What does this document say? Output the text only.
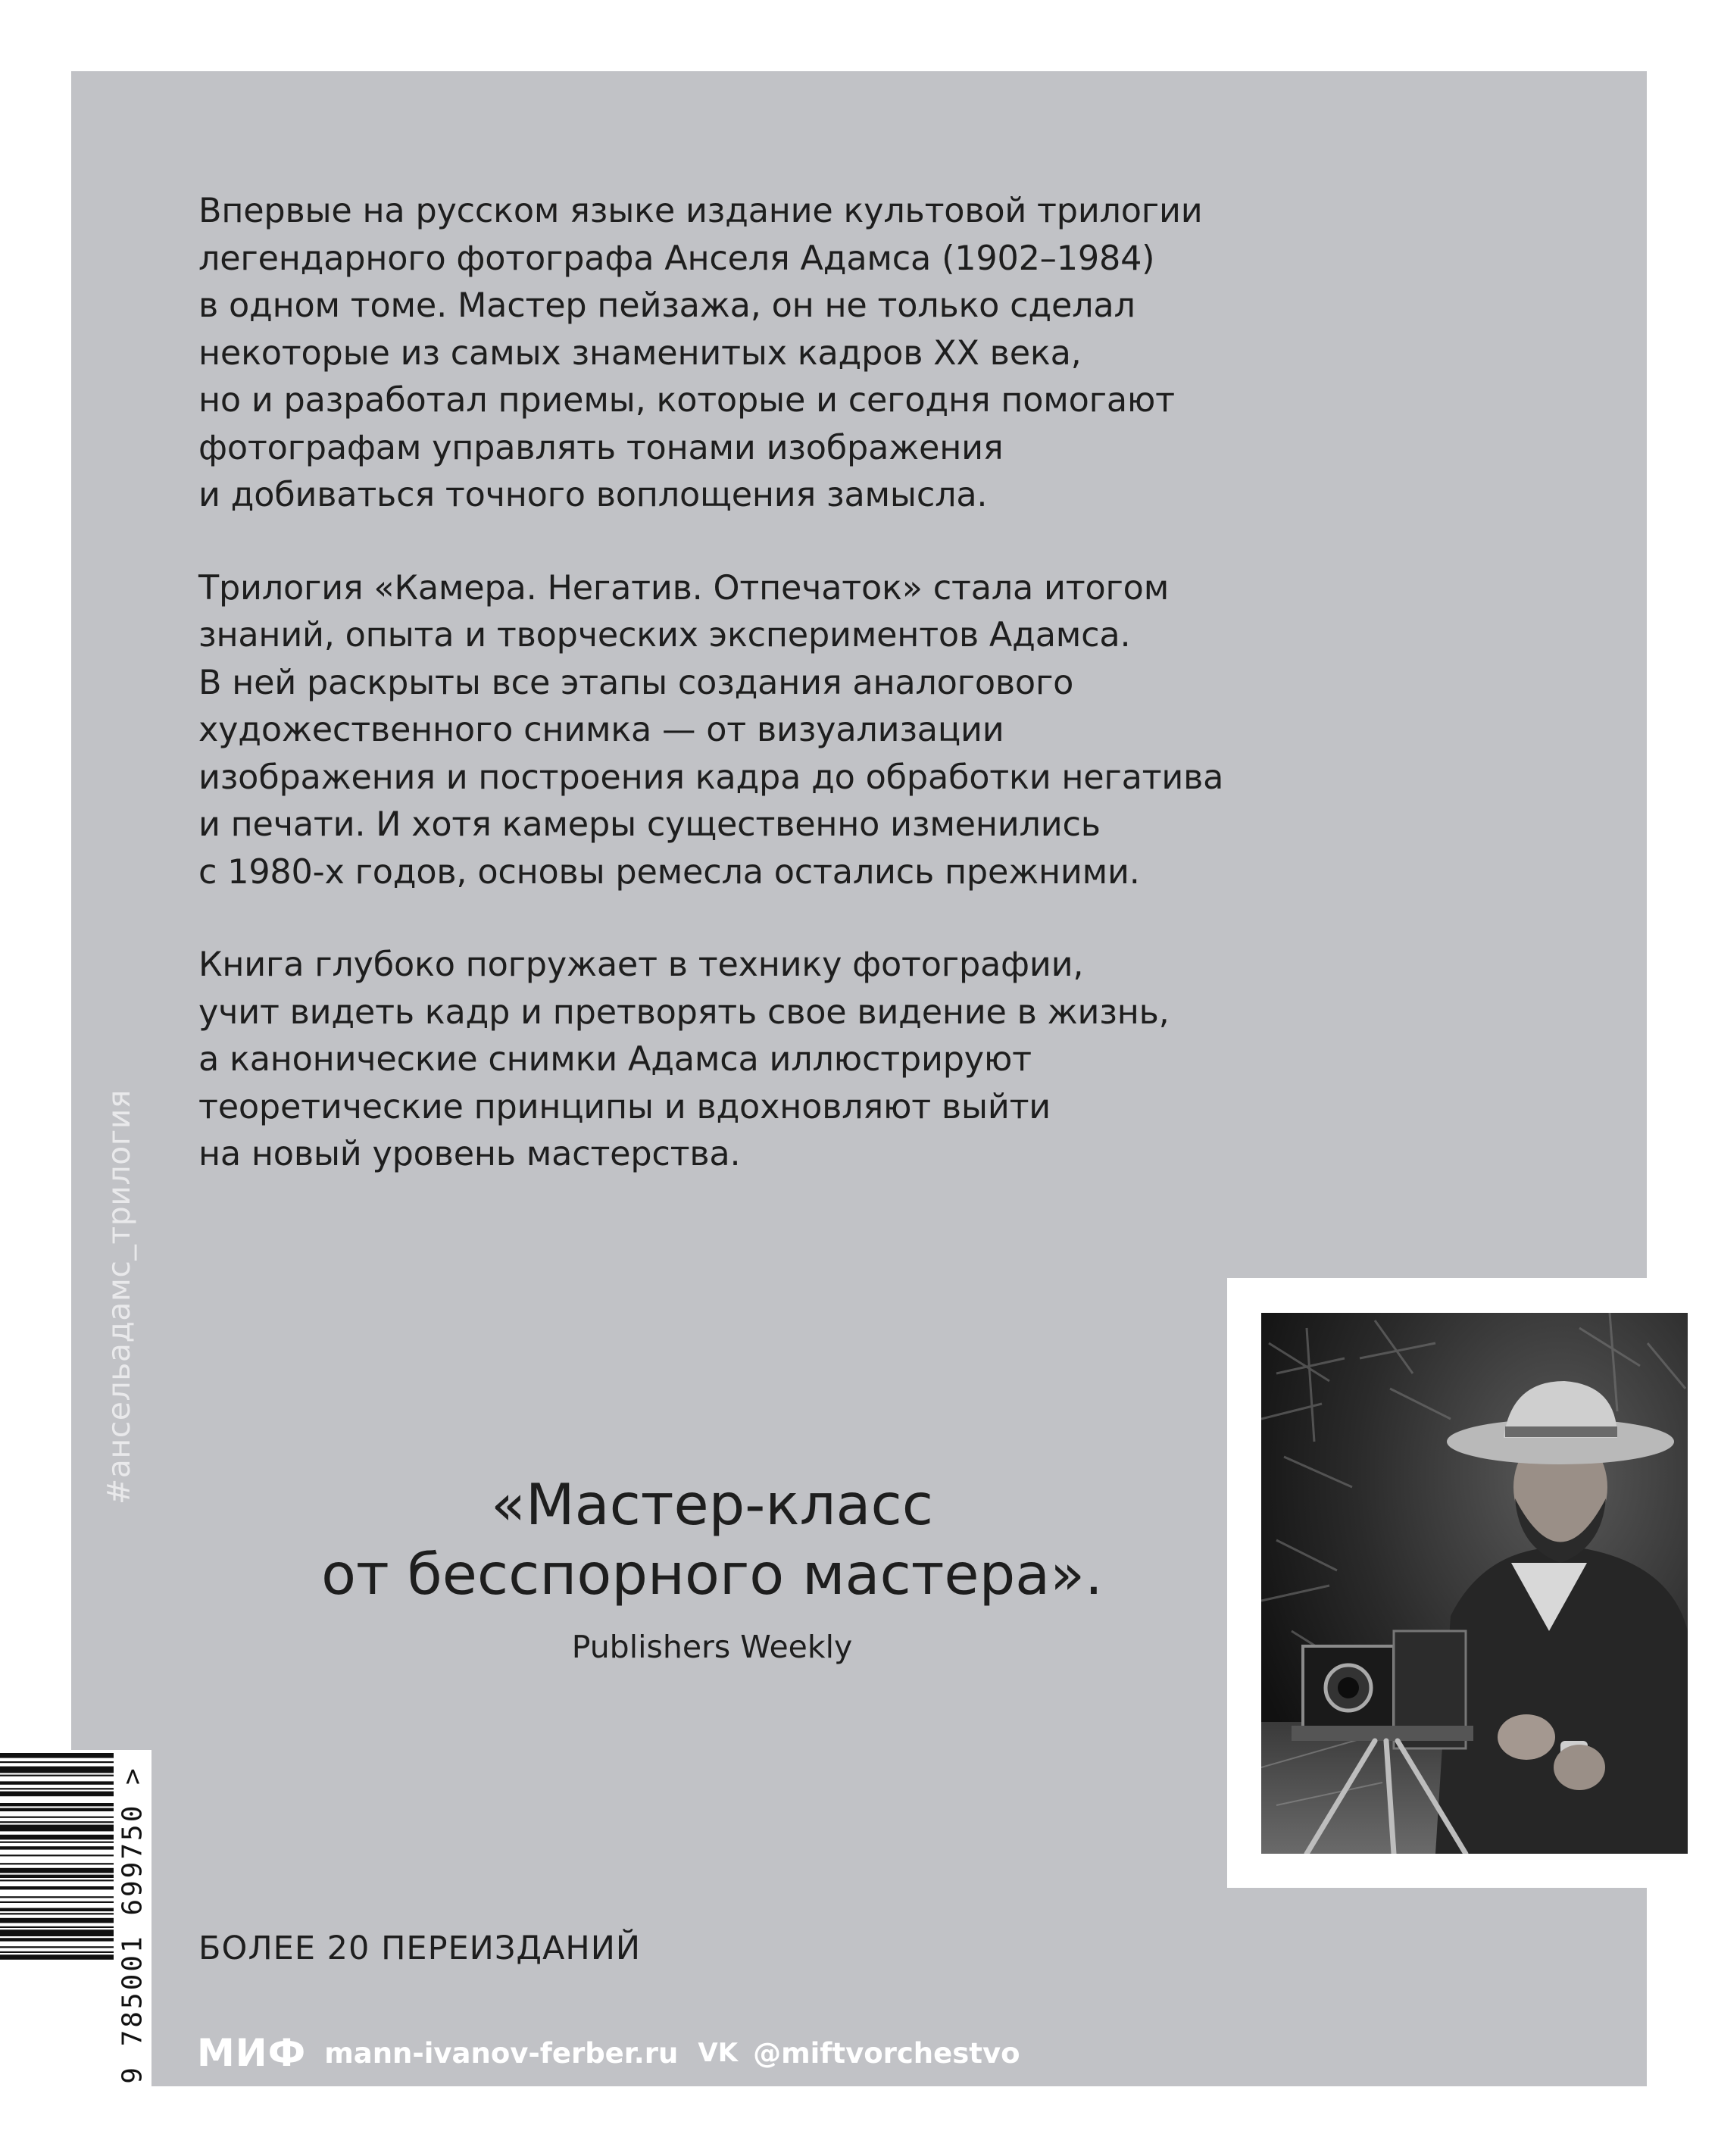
Впервые на русском языке издание культовой трилогии
легендарного фотографа Анселя Адамса (1902–1984)
в одном томе. Мастер пейзажа, он не только сделал
некоторые из самых знаменитых кадров XX века,
но и разработал приемы, которые и сегодня помогают
фотографам управлять тонами изображения
и добиваться точного воплощения замысла.

Трилогия «Камера. Негатив. Отпечаток» стала итогом
знаний, опыта и творческих экспериментов Адамса.
В ней раскрыты все этапы создания аналогового
художественного снимка — от визуализации
изображения и построения кадра до обработки негатива
и печати. И хотя камеры существенно изменились
с 1980-х годов, основы ремесла остались прежними.

Книга глубоко погружает в технику фотографии,
учит видеть кадр и претворять свое видение в жизнь,
а канонические снимки Адамса иллюстрируют
теоретические принципы и вдохновляют выйти
на новый уровень мастерства.

#ансельадамс_трилогия	«Мастер-класс
от бесспорного мастера».
Publishers Weekly
9 785001 699750 > БОЛЕЕ 20 ПЕРЕИЗДАНИЙ
МИФ mann-ivanov-ferber.ru VK @miftvorchestvo
